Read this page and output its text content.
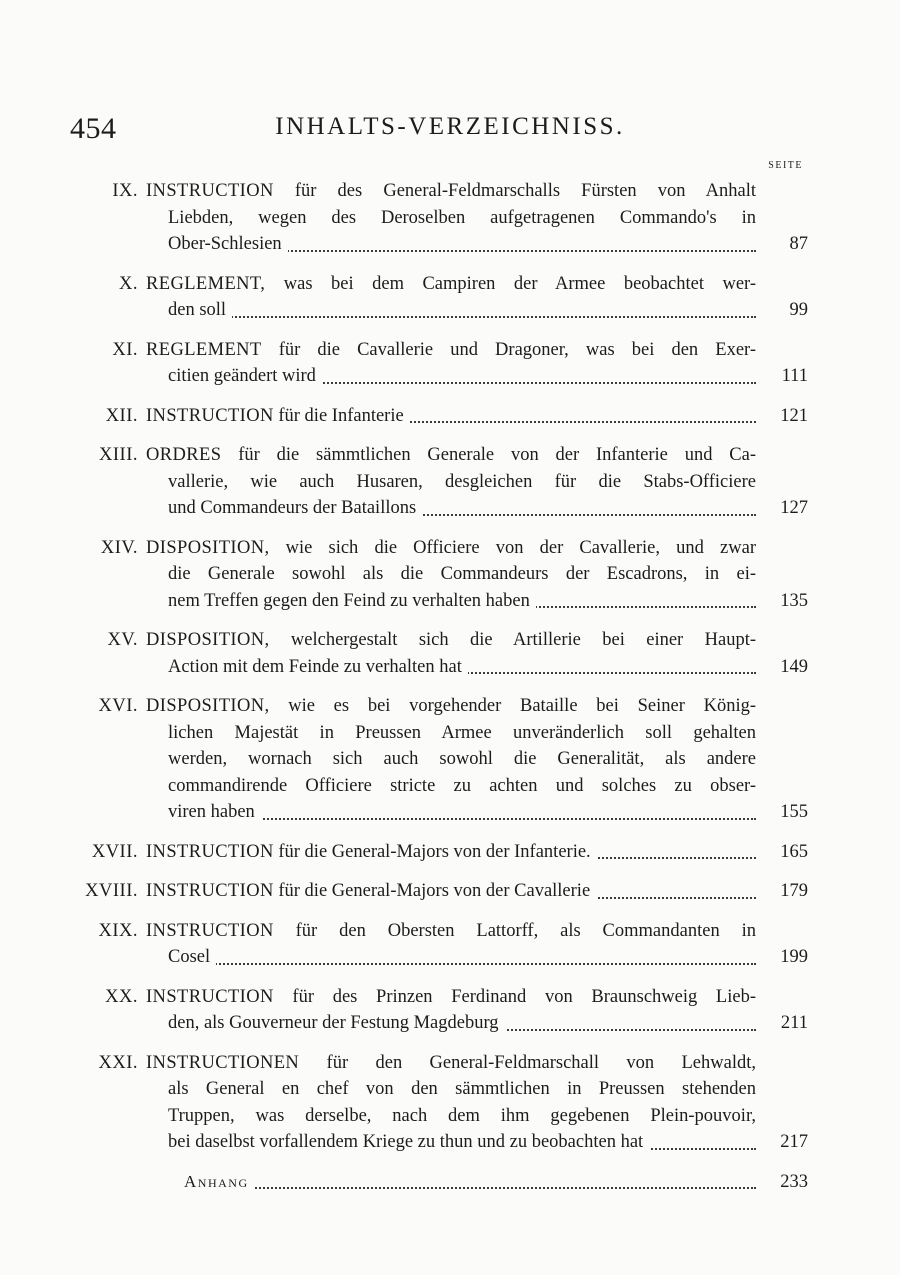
454	INHALTS-VERZEICHNISS.
SEITE
IX. INSTRUCTION für des General-Feldmarschalls Fürsten von Anhalt
Liebden, wegen des Deroselben aufgetragenen Commando's in
Ober-Schlesien	87
X. REGLEMENT, was bei dem Campiren der Armee beobachtet wer-
den soll	99
XI. REGLEMENT für die Cavallerie und Dragoner, was bei den Exer-
citien geändert wird	111
XII. INSTRUCTION für die Infanterie	121
XIII. ORDRES für die sämmtlichen Generale von der Infanterie und Ca-
vallerie, wie auch Husaren, desgleichen für die Stabs-Officiere
und Commandeurs der Bataillons	127
XIV. DISPOSITION, wie sich die Officiere von der Cavallerie, und zwar
die Generale sowohl als die Commandeurs der Escadrons, in ei-
nem Treffen gegen den Feind zu verhalten haben	135
XV. DISPOSITION, welchergestalt sich die Artillerie bei einer Haupt-
Action mit dem Feinde zu verhalten hat	149
XVI. DISPOSITION, wie es bei vorgehender Bataille bei Seiner König-
lichen Majestät in Preussen Armee unveränderlich soll gehalten
werden, wornach sich auch sowohl die Generalität, als andere
commandirende Officiere stricte zu achten und solches zu obser-
viren haben	155
XVII. INSTRUCTION für die General-Majors von der Infanterie.	165
XVIII. INSTRUCTION für die General-Majors von der Cavallerie	179
XIX. INSTRUCTION für den Obersten Lattorff, als Commandanten in
Cosel	199
XX. INSTRUCTION für des Prinzen Ferdinand von Braunschweig Lieb-
den, als Gouverneur der Festung Magdeburg	211
XXI. INSTRUCTIONEN für den General-Feldmarschall von Lehwaldt,
als General en chef von den sämmtlichen in Preussen stehenden
Truppen, was derselbe, nach dem ihm gegebenen Plein-pouvoir,
bei daselbst vorfallendem Kriege zu thun und zu beobachten hat	217
Anhang	233
